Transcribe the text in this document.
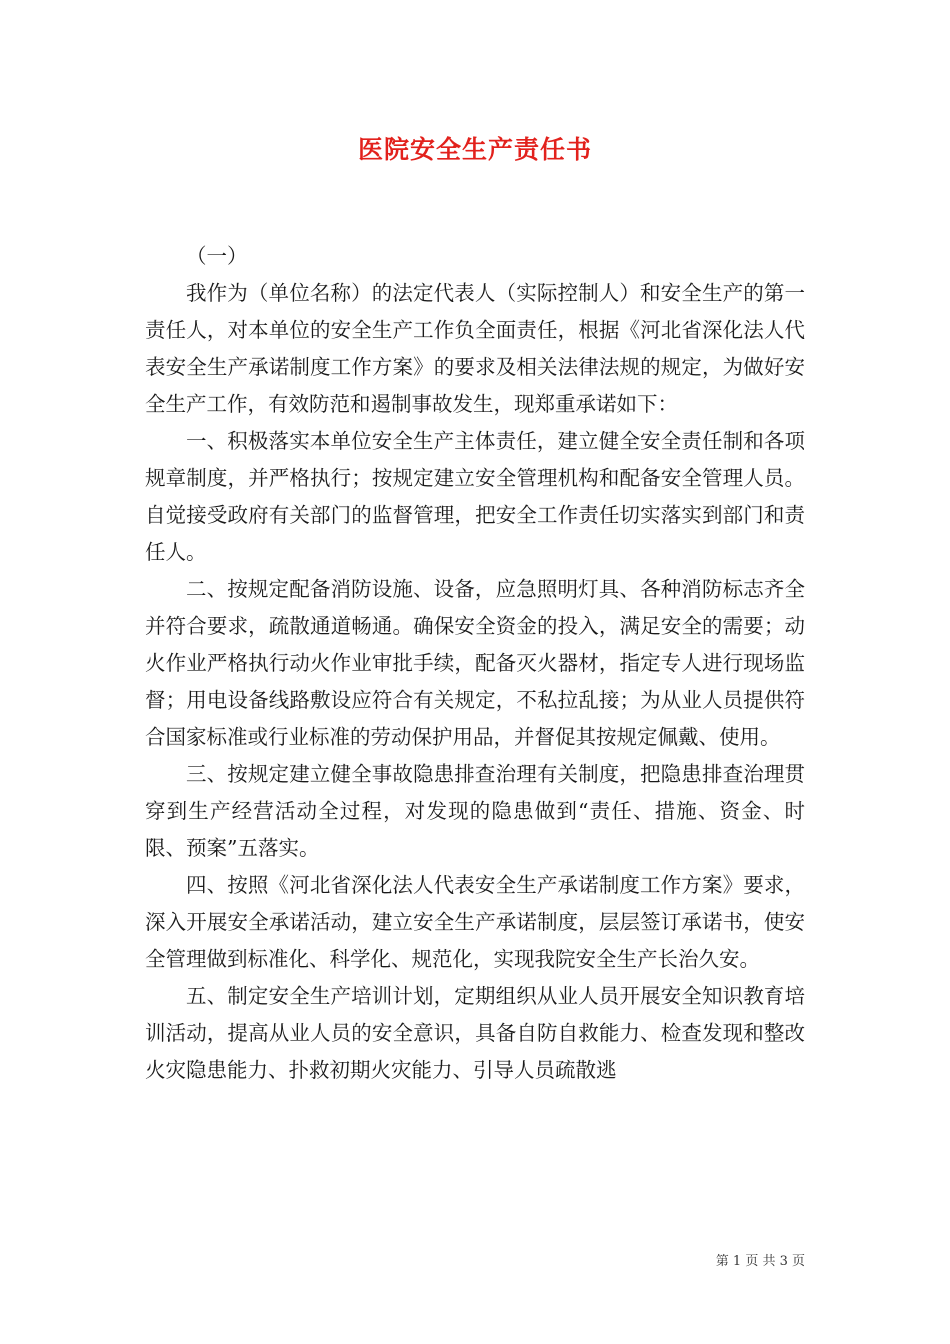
医院安全生产责任书

（一）

我作为（单位名称）的法定代表人（实际控制人）和安全生产的第一责任人，对本单位的安全生产工作负全面责任，根据《河北省深化法人代表安全生产承诺制度工作方案》的要求及相关法律法规的规定，为做好安全生产工作，有效防范和遏制事故发生，现郑重承诺如下：

一、积极落实本单位安全生产主体责任，建立健全安全责任制和各项规章制度，并严格执行；按规定建立安全管理机构和配备安全管理人员。自觉接受政府有关部门的监督管理，把安全工作责任切实落实到部门和责任人。

二、按规定配备消防设施、设备，应急照明灯具、各种消防标志齐全并符合要求，疏散通道畅通。确保安全资金的投入，满足安全的需要；动火作业严格执行动火作业审批手续，配备灭火器材，指定专人进行现场监督；用电设备线路敷设应符合有关规定，不私拉乱接；为从业人员提供符合国家标准或行业标准的劳动保护用品，并督促其按规定佩戴、使用。

三、按规定建立健全事故隐患排查治理有关制度，把隐患排查治理贯穿到生产经营活动全过程，对发现的隐患做到“责任、措施、资金、时限、预案”五落实。

四、按照《河北省深化法人代表安全生产承诺制度工作方案》要求，深入开展安全承诺活动，建立安全生产承诺制度，层层签订承诺书，使安全管理做到标准化、科学化、规范化，实现我院安全生产长治久安。

五、制定安全生产培训计划，定期组织从业人员开展安全知识教育培训活动，提高从业人员的安全意识，具备自防自救能力、检查发现和整改火灾隐患能力、扑救初期火灾能力、引导人员疏散逃

第 1 页 共 3 页
